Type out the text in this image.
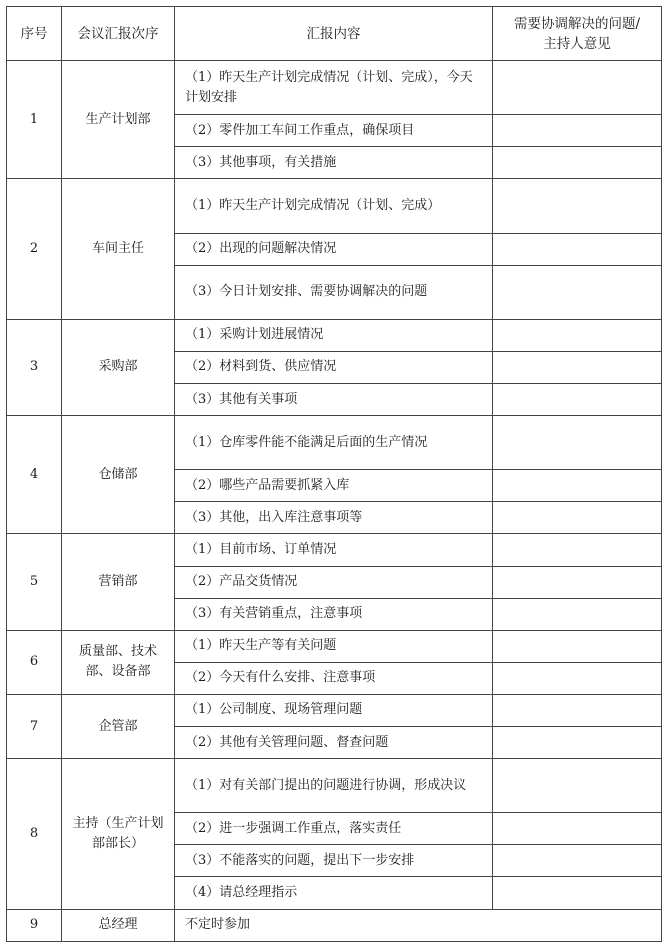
序号	会议汇报次序	汇报内容	需要协调解决的问题/
主持人意见
1	生产计划部	（1）昨天生产计划完成情况（计划、完成），今天计划安排	
		（2）零件加工车间工作重点，确保项目	
		（3）其他事项，有关措施	
2	车间主任	（1）昨天生产计划完成情况（计划、完成）	
		（2）出现的问题解决情况	
		（3）今日计划安排、需要协调解决的问题	
3	采购部	（1）采购计划进展情况	
		（2）材料到货、供应情况	
		（3）其他有关事项	
4	仓储部	（1）仓库零件能不能满足后面的生产情况	
		（2）哪些产品需要抓紧入库	
		（3）其他，出入库注意事项等	
5	营销部	（1）目前市场、订单情况	
		（2）产品交货情况	
		（3）有关营销重点，注意事项	
6	质量部、技术部、设备部	（1）昨天生产等有关问题	
		（2）今天有什么安排、注意事项	
7	企管部	（1）公司制度、现场管理问题	
		（2）其他有关管理问题、督查问题	
8	主持（生产计划部部长）	（1）对有关部门提出的问题进行协调，形成决议	
		（2）进一步强调工作重点，落实责任	
		（3）不能落实的问题，提出下一步安排	
		（4）请总经理指示	
9	总经理	不定时参加	
